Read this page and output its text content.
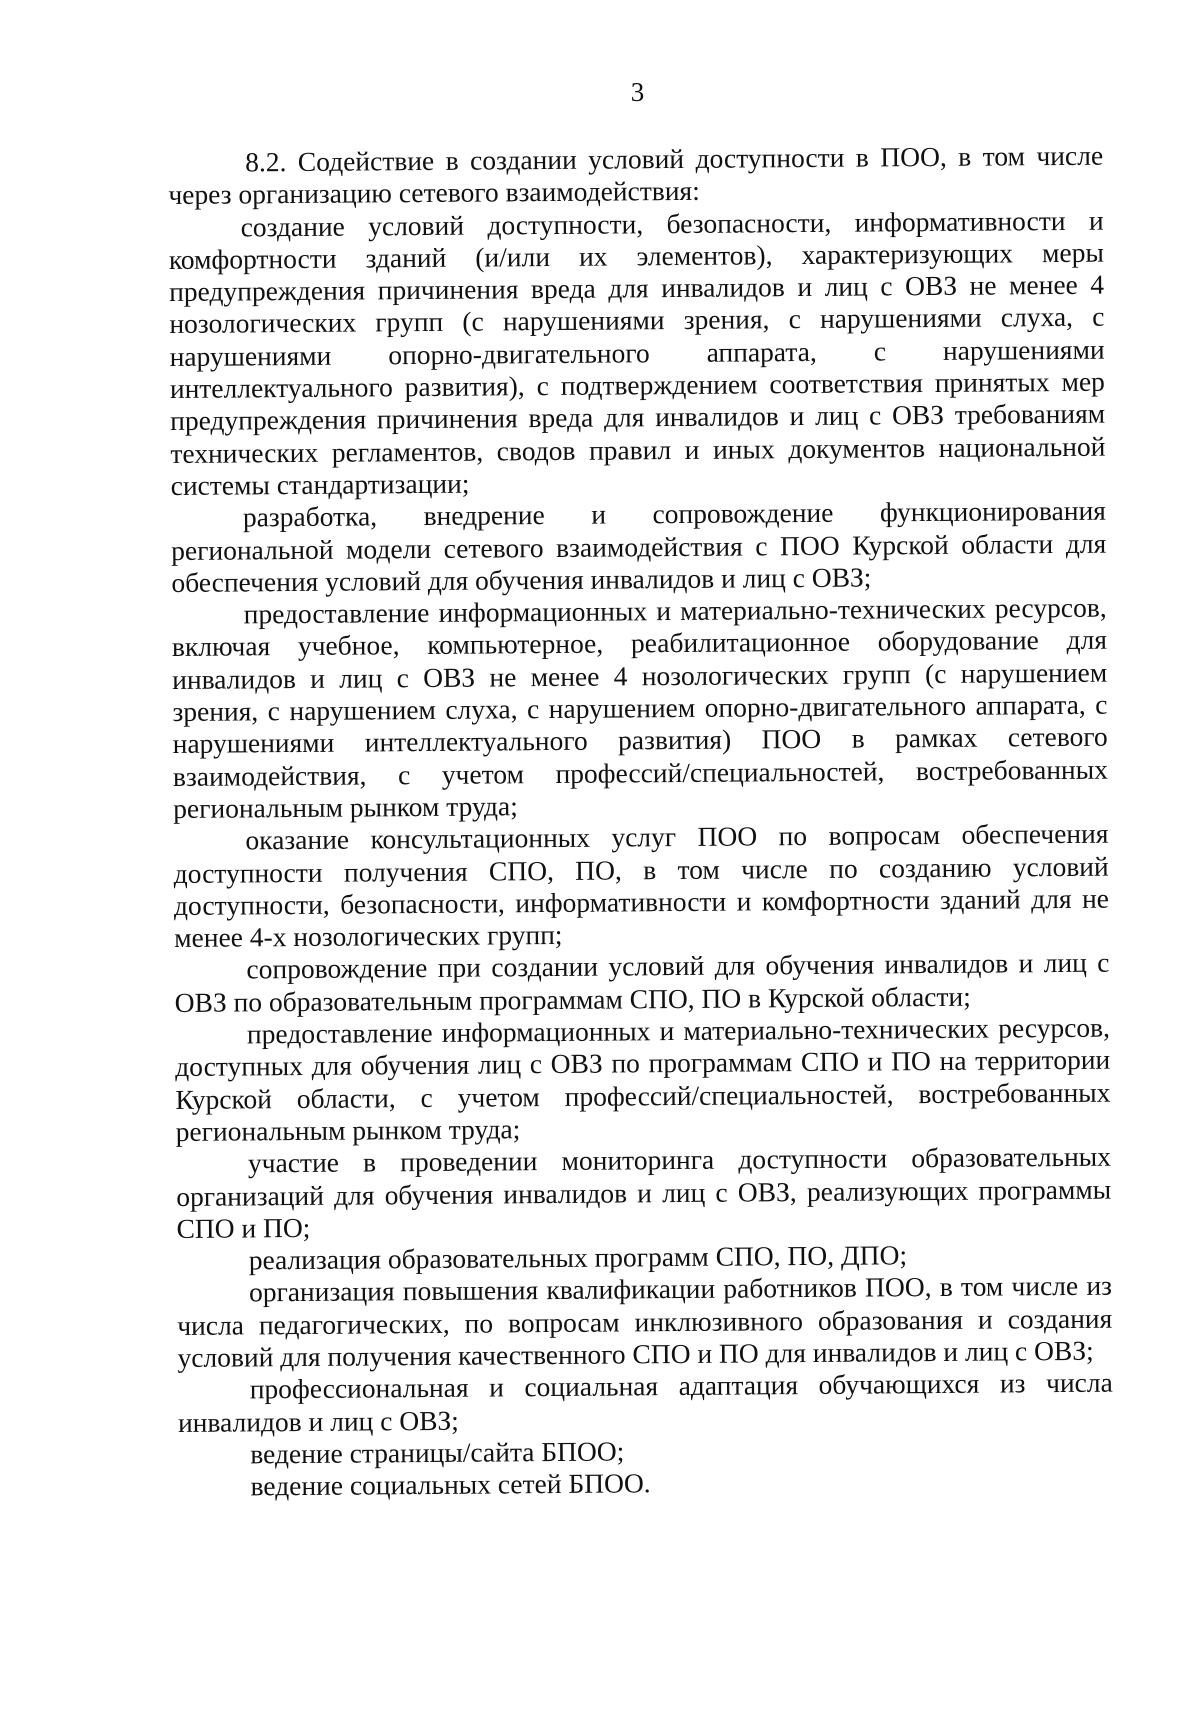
3

8.2. Содействие в создании условий доступности в ПОО, в том числе через организацию сетевого взаимодействия:

создание условий доступности, безопасности, информативности и комфортности зданий (и/или их элементов), характеризующих меры предупреждения причинения вреда для инвалидов и лиц с ОВЗ не менее 4 нозологических групп (с нарушениями зрения, с нарушениями слуха, с нарушениями опорно-двигательного аппарата, с нарушениями интеллектуального развития), с подтверждением соответствия принятых мер предупреждения причинения вреда для инвалидов и лиц с ОВЗ требованиям технических регламентов, сводов правил и иных документов национальной системы стандартизации;

разработка, внедрение и сопровождение функционирования региональной модели сетевого взаимодействия с ПОО Курской области для обеспечения условий для обучения инвалидов и лиц с ОВЗ;

предоставление информационных и материально-технических ресурсов, включая учебное, компьютерное, реабилитационное оборудование для инвалидов и лиц с ОВЗ не менее 4 нозологических групп (с нарушением зрения, с нарушением слуха, с нарушением опорно-двигательного аппарата, с нарушениями интеллектуального развития) ПОО в рамках сетевого взаимодействия, с учетом профессий/специальностей, востребованных региональным рынком труда;

оказание консультационных услуг ПОО по вопросам обеспечения доступности получения СПО, ПО, в том числе по созданию условий доступности, безопасности, информативности и комфортности зданий для не менее 4-х нозологических групп;

сопровождение при создании условий для обучения инвалидов и лиц с ОВЗ по образовательным программам СПО, ПО в Курской области;

предоставление информационных и материально-технических ресурсов, доступных для обучения лиц с ОВЗ по программам СПО и ПО на территории Курской области, с учетом профессий/специальностей, востребованных региональным рынком труда;

участие в проведении мониторинга доступности образовательных организаций для обучения инвалидов и лиц с ОВЗ, реализующих программы СПО и ПО;

реализация образовательных программ СПО, ПО, ДПО;

организация повышения квалификации работников ПОО, в том числе из числа педагогических, по вопросам инклюзивного образования и создания условий для получения качественного СПО и ПО для инвалидов и лиц с ОВЗ;

профессиональная и социальная адаптация обучающихся из числа инвалидов и лиц с ОВЗ;

ведение страницы/сайта БПОО;

ведение социальных сетей БПОО.
